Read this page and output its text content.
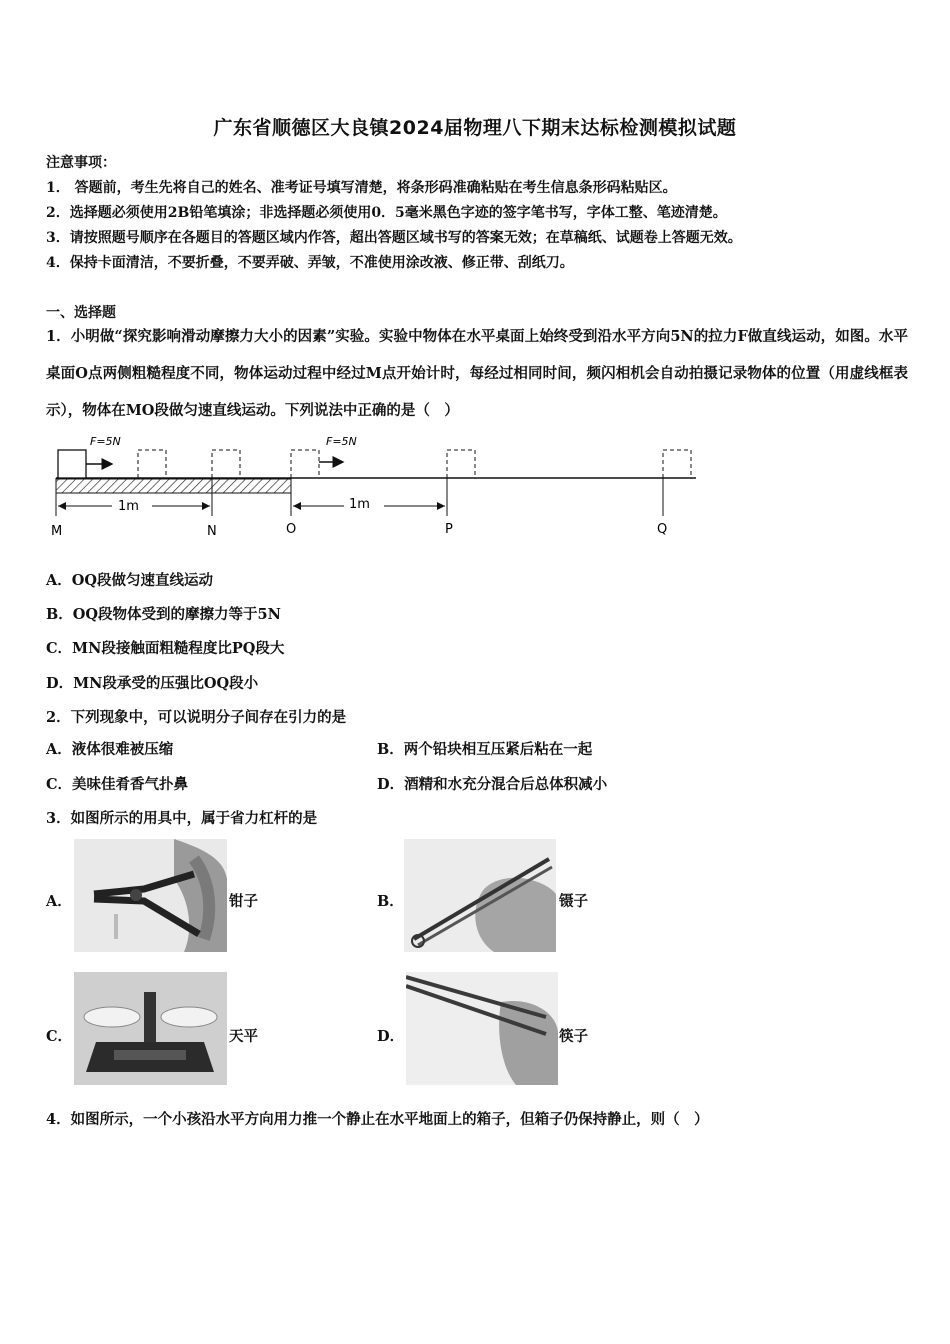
广东省顺德区大良镇2024届物理八下期末达标检测模拟试题
注意事项：
1． 答题前，考生先将自己的姓名、准考证号填写清楚，将条形码准确粘贴在考生信息条形码粘贴区。
2．选择题必须使用2B铅笔填涂；非选择题必须使用0．5毫米黑色字迹的签字笔书写，字体工整、笔迹清楚。
3．请按照题号顺序在各题目的答题区域内作答，超出答题区域书写的答案无效；在草稿纸、试题卷上答题无效。
4．保持卡面清洁，不要折叠，不要弄破、弄皱，不准使用涂改液、修正带、刮纸刀。
一、选择题
1．小明做“探究影响滑动摩擦力大小的因素”实验。实验中物体在水平桌面上始终受到沿水平方向5N的拉力F做直线运动，如图。水平桌面O点两侧粗糙程度不同，物体运动过程中经过M点开始计时，每经过相同时间，频闪相机会自动拍摄记录物体的位置（用虚线框表示），物体在MO段做匀速直线运动。下列说法中正确的是（　）
F=5N	F=5N
1m	1m
M	N	O	P	Q
A．OQ段做匀速直线运动
B．OQ段物体受到的摩擦力等于5N
C．MN段接触面粗糙程度比PQ段大
D．MN段承受的压强比OQ段小
2．下列现象中，可以说明分子间存在引力的是
A．液体很难被压缩	B．两个铅块相互压紧后粘在一起
C．美味佳肴香气扑鼻	D．酒精和水充分混合后总体积减小
3．如图所示的用具中，属于省力杠杆的是
A．	钳子	B．	镊子
C．	天平	D．	筷子
4．如图所示，一个小孩沿水平方向用力推一个静止在水平地面上的箱子，但箱子仍保持静止，则（　）
